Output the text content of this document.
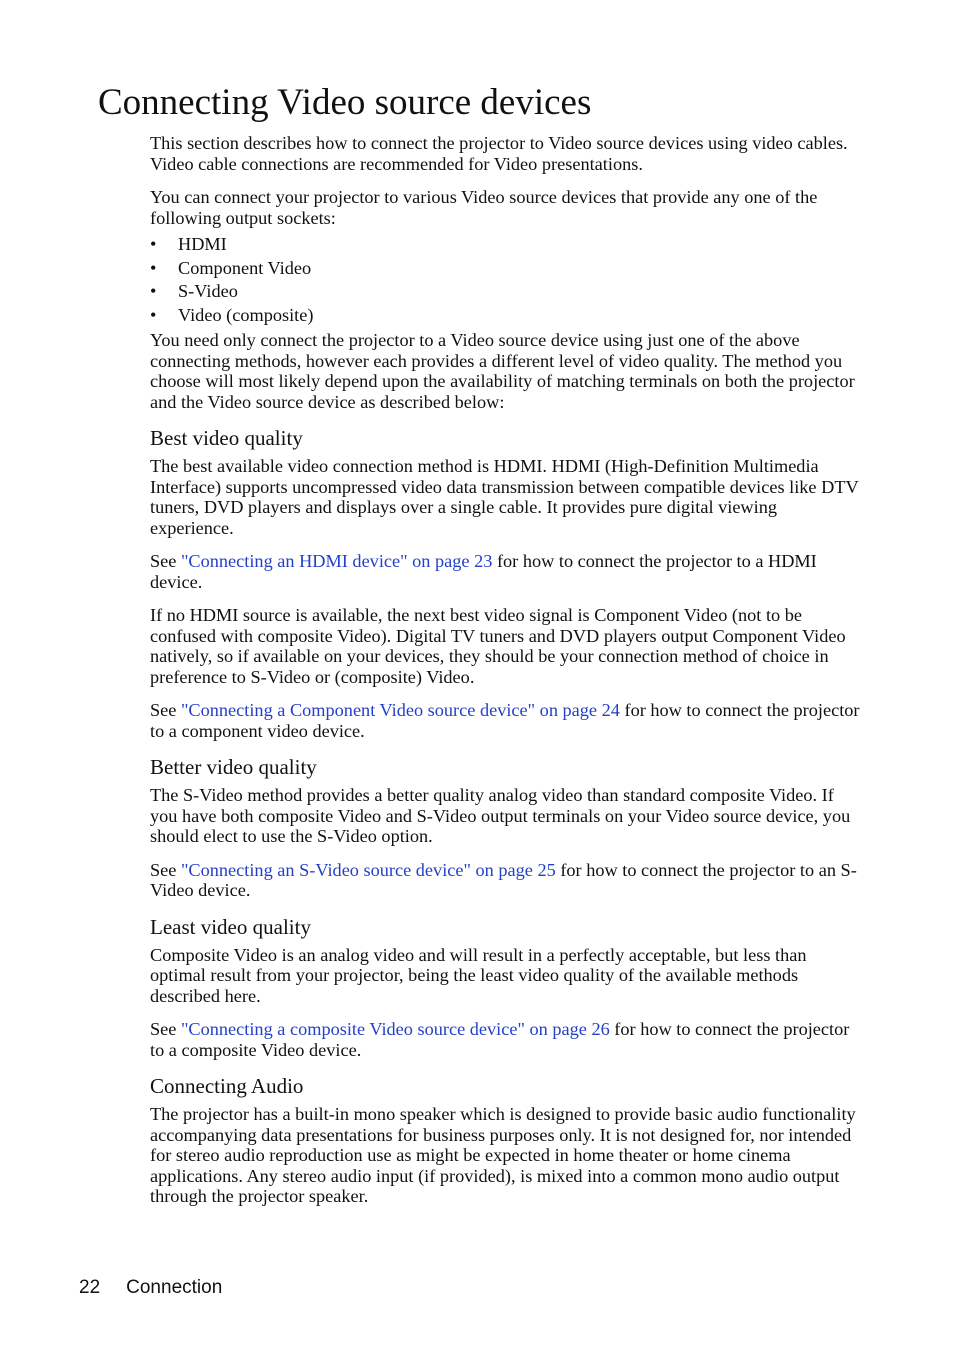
Connecting Video source devices

This section describes how to connect the projector to Video source devices using video cables. Video cable connections are recommended for Video presentations.

You can connect your projector to various Video source devices that provide any one of the following output sockets:

• HDMI
• Component Video
• S-Video
• Video (composite)

You need only connect the projector to a Video source device using just one of the above connecting methods, however each provides a different level of video quality. The method you choose will most likely depend upon the availability of matching terminals on both the projector and the Video source device as described below:

Best video quality

The best available video connection method is HDMI. HDMI (High-Definition Multimedia Interface) supports uncompressed video data transmission between compatible devices like DTV tuners, DVD players and displays over a single cable. It provides pure digital viewing experience.

See "Connecting an HDMI device" on page 23 for how to connect the projector to a HDMI device.

If no HDMI source is available, the next best video signal is Component Video (not to be confused with composite Video). Digital TV tuners and DVD players output Component Video natively, so if available on your devices, they should be your connection method of choice in preference to S-Video or (composite) Video.

See "Connecting a Component Video source device" on page 24 for how to connect the projector to a component video device.

Better video quality

The S-Video method provides a better quality analog video than standard composite Video. If you have both composite Video and S-Video output terminals on your Video source device, you should elect to use the S-Video option.

See "Connecting an S-Video source device" on page 25 for how to connect the projector to an S-Video device.

Least video quality

Composite Video is an analog video and will result in a perfectly acceptable, but less than optimal result from your projector, being the least video quality of the available methods described here.

See "Connecting a composite Video source device" on page 26 for how to connect the projector to a composite Video device.

Connecting Audio

The projector has a built-in mono speaker which is designed to provide basic audio functionality accompanying data presentations for business purposes only. It is not designed for, nor intended for stereo audio reproduction use as might be expected in home theater or home cinema applications. Any stereo audio input (if provided), is mixed into a common mono audio output through the projector speaker.

22 Connection
